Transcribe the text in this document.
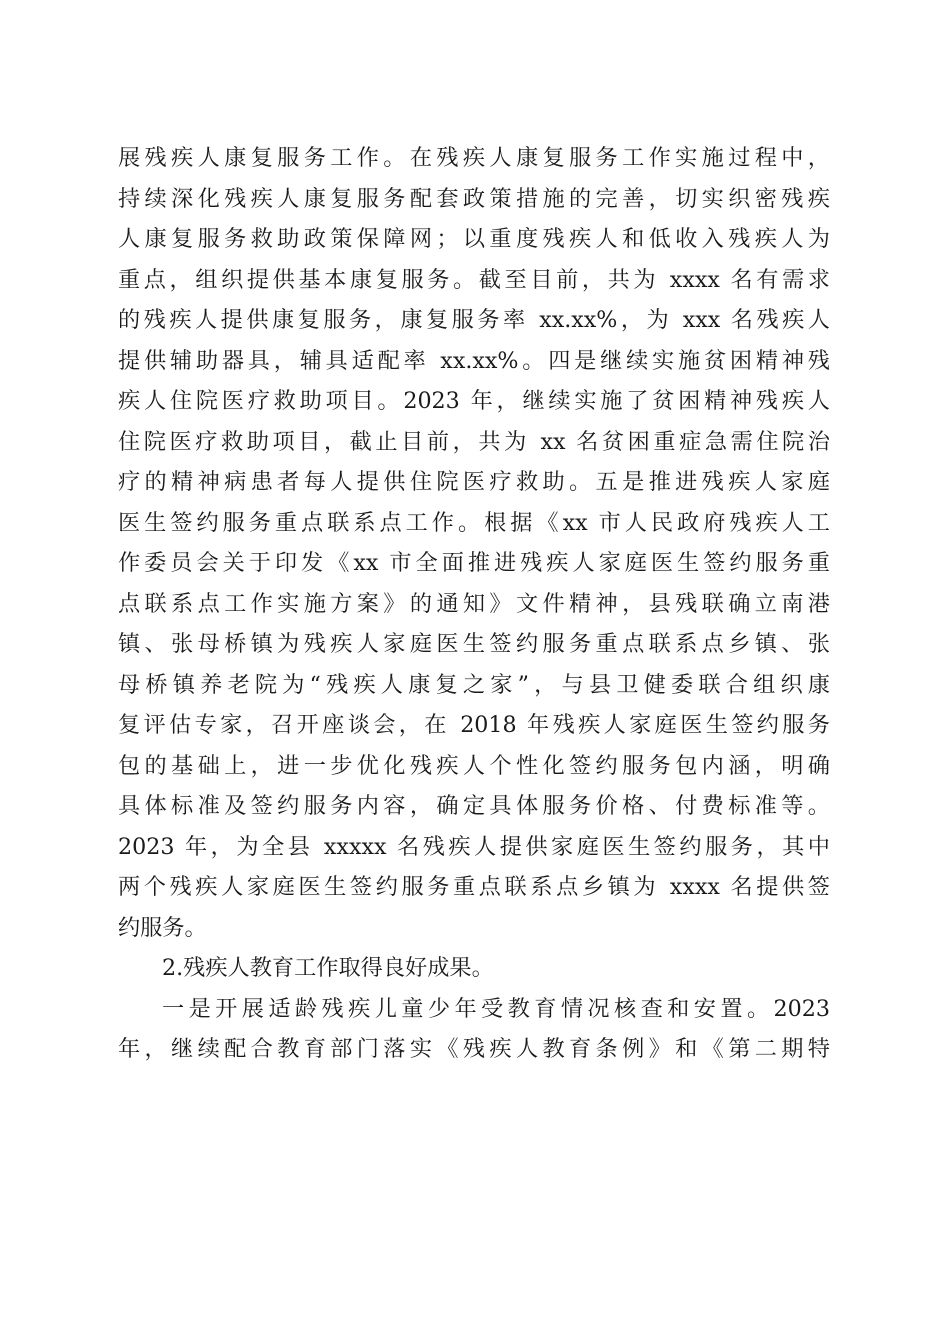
展残疾人康复服务工作。在残疾人康复服务工作实施过程中，
持续深化残疾人康复服务配套政策措施的完善，切实织密残疾
人康复服务救助政策保障网；以重度残疾人和低收入残疾人为
重点，组织提供基本康复服务。截至目前，共为 xxxx 名有需求
的残疾人提供康复服务，康复服务率 xx.xx%，为 xxx 名残疾人
提供辅助器具，辅具适配率 xx.xx%。四是继续实施贫困精神残
疾人住院医疗救助项目。2023 年，继续实施了贫困精神残疾人
住院医疗救助项目，截止目前，共为 xx 名贫困重症急需住院治
疗的精神病患者每人提供住院医疗救助。五是推进残疾人家庭
医生签约服务重点联系点工作。根据《xx 市人民政府残疾人工
作委员会关于印发《xx 市全面推进残疾人家庭医生签约服务重
点联系点工作实施方案》的通知》文件精神，县残联确立南港
镇、张母桥镇为残疾人家庭医生签约服务重点联系点乡镇、张
母桥镇养老院为“残疾人康复之家”，与县卫健委联合组织康
复评估专家，召开座谈会，在 2018 年残疾人家庭医生签约服务
包的基础上，进一步优化残疾人个性化签约服务包内涵，明确
具体标准及签约服务内容，确定具体服务价格、付费标准等。
2023 年，为全县 xxxxx 名残疾人提供家庭医生签约服务，其中
两个残疾人家庭医生签约服务重点联系点乡镇为 xxxx 名提供签
约服务。
2.残疾人教育工作取得良好成果。
一是开展适龄残疾儿童少年受教育情况核查和安置。2023
年，继续配合教育部门落实《残疾人教育条例》和《第二期特
